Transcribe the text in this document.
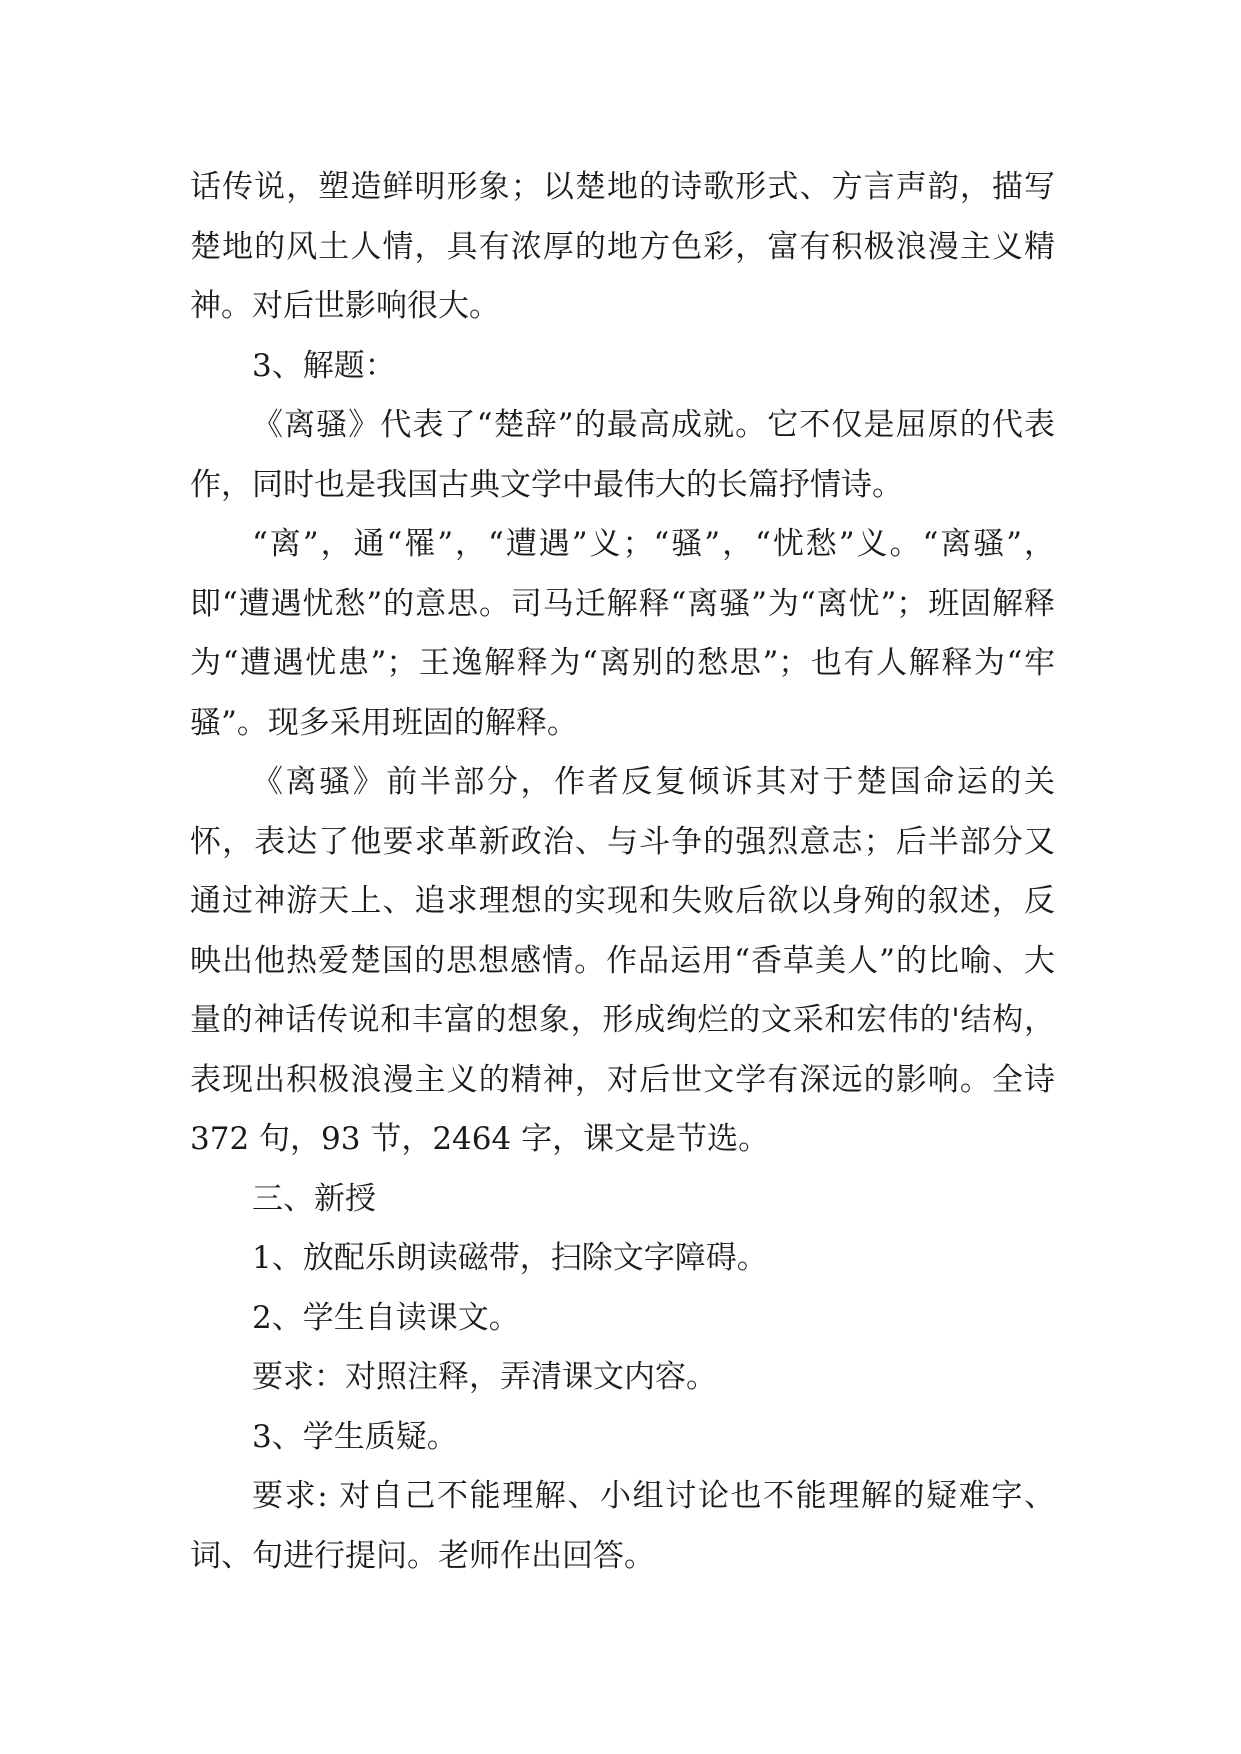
话传说，塑造鲜明形象；以楚地的诗歌形式、方言声韵，描写楚地的风土人情，具有浓厚的地方色彩，富有积极浪漫主义精神。对后世影响很大。

3、解题：

《离骚》代表了“楚辞”的最高成就。它不仅是屈原的代表作，同时也是我国古典文学中最伟大的长篇抒情诗。

“离”，通“罹”，“遭遇”义；“骚”，“忧愁”义。“离骚”，即“遭遇忧愁”的意思。司马迁解释“离骚”为“离忧”；班固解释为“遭遇忧患”；王逸解释为“离别的愁思”；也有人解释为“牢骚”。现多采用班固的解释。

《离骚》前半部分，作者反复倾诉其对于楚国命运的关怀，表达了他要求革新政治、与斗争的强烈意志；后半部分又通过神游天上、追求理想的实现和失败后欲以身殉的叙述，反映出他热爱楚国的思想感情。作品运用“香草美人”的比喻、大量的神话传说和丰富的想象，形成绚烂的文采和宏伟的'结构，表现出积极浪漫主义的精神，对后世文学有深远的影响。全诗 372 句，93 节，2464 字，课文是节选。

三、新授

1、放配乐朗读磁带，扫除文字障碍。

2、学生自读课文。

要求：对照注释，弄清课文内容。

3、学生质疑。

要求: 对自己不能理解、小组讨论也不能理解的疑难字、词、句进行提问。老师作出回答。
